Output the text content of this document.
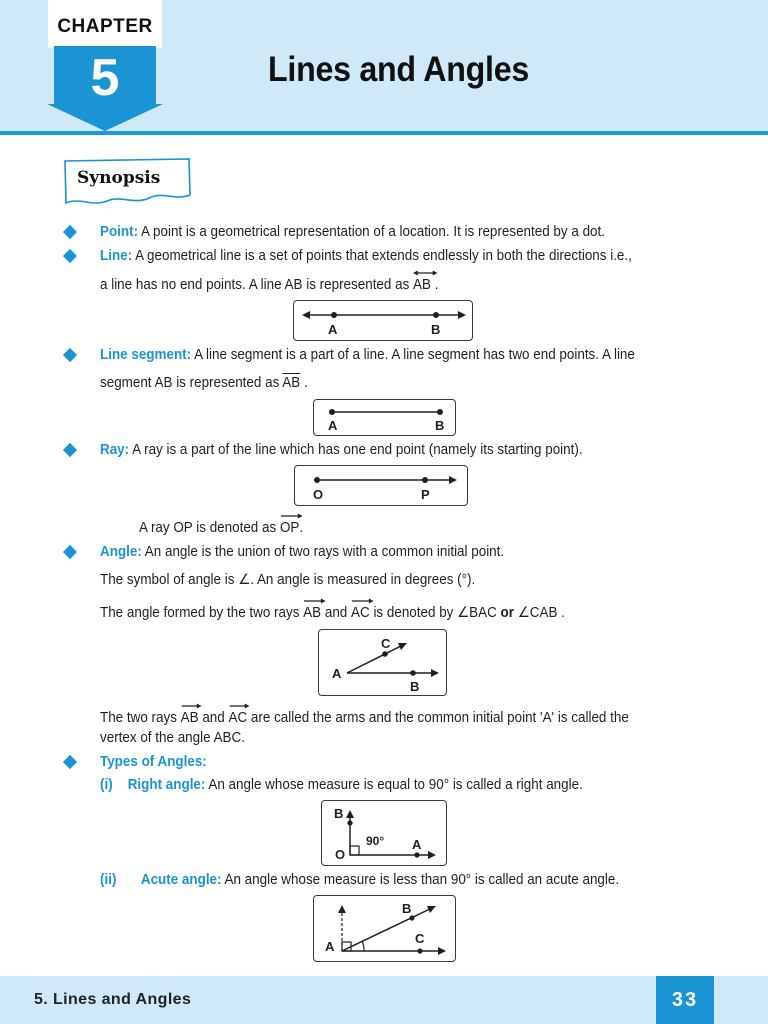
CHAPTER
5	Lines and Angles
Synopsis
Point: A point is a geometrical representation of a location. It is represented by a dot.
Line: A geometrical line is a set of points that extends endlessly in both the directions i.e.,
a line has no end points. A line AB is represented as
AB .
A	B
Line segment: A line segment is a part of a line. A line segment has two end points. A line
segment AB is represented as AB .
A	B
Ray: A ray is a part of the line which has one end point (namely its starting point).
O	P
A ray OP is denoted as
OP.
Angle: An angle is the union of two rays with a common initial point.
The symbol of angle is ∠. An angle is measured in degrees (°).
The angle formed by the two rays
AB and
AC is denoted by ∠BAC or ∠CAB .
A
B
C
The two rays
AB and
AC are called the arms and the common initial point 'A' is called the
vertex of the angle ABC.
Types of Angles:
(i) Right angle: An angle whose measure is equal to 90° is called a right angle.
B
O
A
90°
(ii) Acute angle: An angle whose measure is less than 90° is called an acute angle.
A
B
C
5. Lines and Angles	33
